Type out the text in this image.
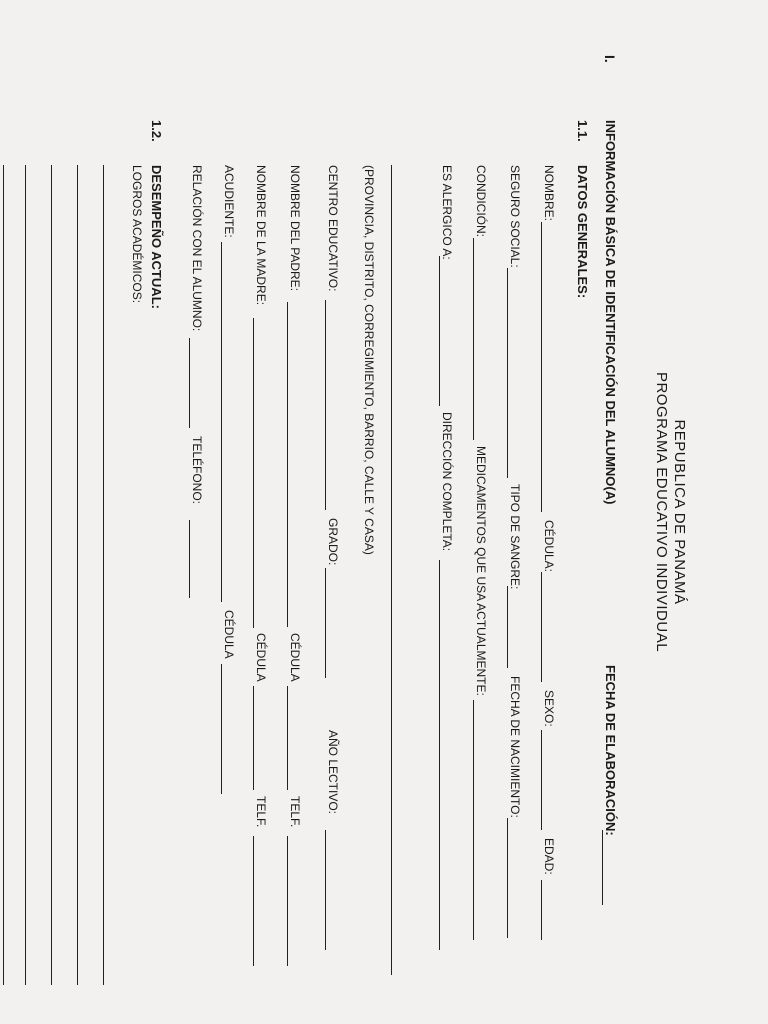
REPUBLICA DE PANAMÁ
PROGRAMA EDUCATIVO INDIVIDUAL
I.
INFORMACIÓN BÁSICA DE IDENTIFICACIÓN DEL ALUMNO(A)
FECHA DE ELABORACIÓN:
1.1.
DATOS GENERALES:
NOMBRE:
CÉDULA:
SEXO:
EDAD:
SEGURO SOCIAL:
TIPO DE SANGRE:
FECHA DE NACIMIENTO:
CONDICIÓN:
MEDICAMENTOS QUE USA ACTUALMENTE:
ES ALERGICO A:
DIRECCIÓN COMPLETA:
(PROVINCIA, DISTRITO, CORREGIMIENTO, BARRIO, CALLE Y CASA)
CENTRO EDUCATIVO:
GRADO:
AÑO LECTIVO:
NOMBRE DEL PADRE:
CÉDULA
TELF.
NOMBRE DE LA MADRE:
CÉDULA
TELF.
ACUDIENTE:
CÉDULA
RELACIÓN CON EL ALUMNO:
TELÉFONO:
1.2.
DESEMPEÑO ACTUAL:
LOGROS ACADÉMICOS:
